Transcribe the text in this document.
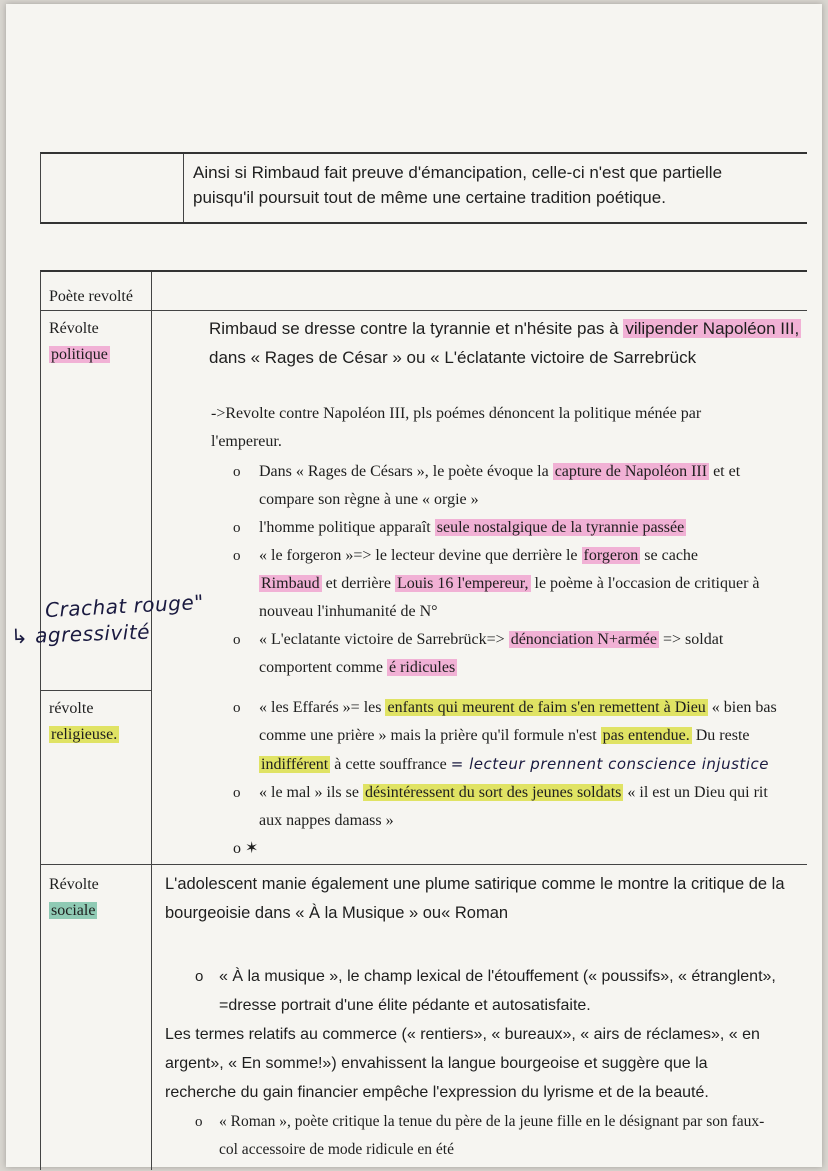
Ainsi si Rimbaud fait preuve d'émancipation, celle-ci n'est que partielle
puisqu'il poursuit tout de même une certaine tradition poétique.
Poète revolté
Révolte
politique
Rimbaud se dresse contre la tyrannie et n'hésite pas à vilipender Napoléon III,
dans « Rages de César » ou « L'éclatante victoire de Sarrebrück
->Revolte contre Napoléon III, pls poémes dénoncent la politique ménée par
l'empereur.
o Dans « Rages de Césars », le poète évoque la capture de Napoléon III et et
compare son règne à une « orgie »
o l'homme politique apparaît seule nostalgique de la tyrannie passée
o « le forgeron »=> le lecteur devine que derrière le forgeron se cache
Rimbaud et derrière Louis 16 l'empereur, le poème à l'occasion de critiquer à
nouveau l'inhumanité de N°
o « L'eclatante victoire de Sarrebrück=> dénonciation N+armée => soldat
comportent comme é ridicules
Crachat rouge"
↳ agressivité
révolte
religieuse.
o « les Effarés »= les enfants qui meurent de faim s'en remettent à Dieu « bien bas
comme une prière » mais la prière qu'il formule n'est pas entendue. Du reste
indifférent à cette souffrance = lecteur prennent conscience injustice
o « le mal » ils se désintéressent du sort des jeunes soldats « il est un Dieu qui rit
aux nappes damass »
o ✶
Révolte
sociale
L'adolescent manie également une plume satirique comme le montre la critique de la
bourgeoisie dans « À la Musique » ou« Roman
o « À la musique », le champ lexical de l'étouffement (« poussifs», « étranglent»,
=dresse portrait d'une élite pédante et autosatisfaite.
Les termes relatifs au commerce (« rentiers», « bureaux», « airs de réclames», « en
argent», « En somme!») envahissent la langue bourgeoise et suggère que la
recherche du gain financier empêche l'expression du lyrisme et de la beauté.
o « Roman », poète critique la tenue du père de la jeune fille en le désignant par son faux-
col accessoire de mode ridicule en été
